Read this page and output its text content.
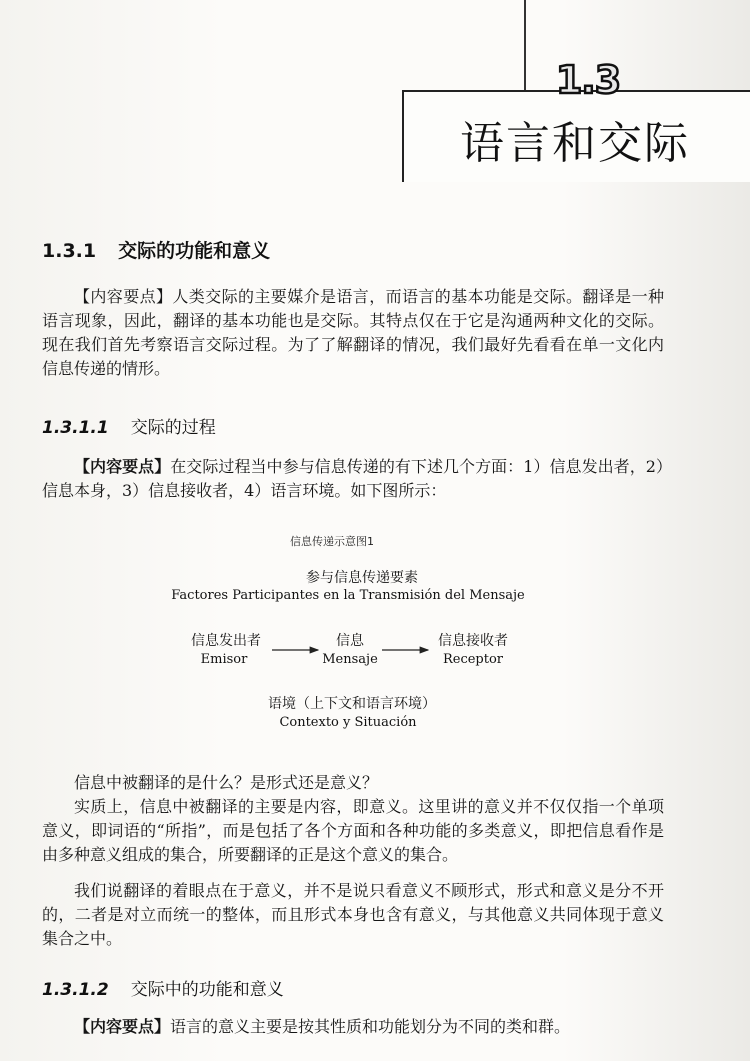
1.3
语言和交际
1.3.1 交际的功能和意义
【内容要点】人类交际的主要媒介是语言，而语言的基本功能是交际。翻译是一种语言现象，因此，翻译的基本功能也是交际。其特点仅在于它是沟通两种文化的交际。现在我们首先考察语言交际过程。为了了解翻译的情况，我们最好先看看在单一文化内信息传递的情形。
1.3.1.1 交际的过程
【内容要点】在交际过程当中参与信息传递的有下述几个方面：1）信息发出者，2）信息本身，3）信息接收者，4）语言环境。如下图所示：
信息传递示意图1
参与信息传递要素
Factores Participantes en la Transmisión del Mensaje
信息发出者
Emisor
信息
Mensaje
信息接收者
Receptor
语境（上下文和语言环境）
Contexto y Situación
信息中被翻译的是什么？是形式还是意义？
实质上，信息中被翻译的主要是内容，即意义。这里讲的意义并不仅仅指一个单项意义，即词语的“所指”，而是包括了各个方面和各种功能的多类意义，即把信息看作是由多种意义组成的集合，所要翻译的正是这个意义的集合。
我们说翻译的着眼点在于意义，并不是说只看意义不顾形式，形式和意义是分不开的，二者是对立而统一的整体，而且形式本身也含有意义，与其他意义共同体现于意义集合之中。
1.3.1.2 交际中的功能和意义
【内容要点】语言的意义主要是按其性质和功能划分为不同的类和群。
